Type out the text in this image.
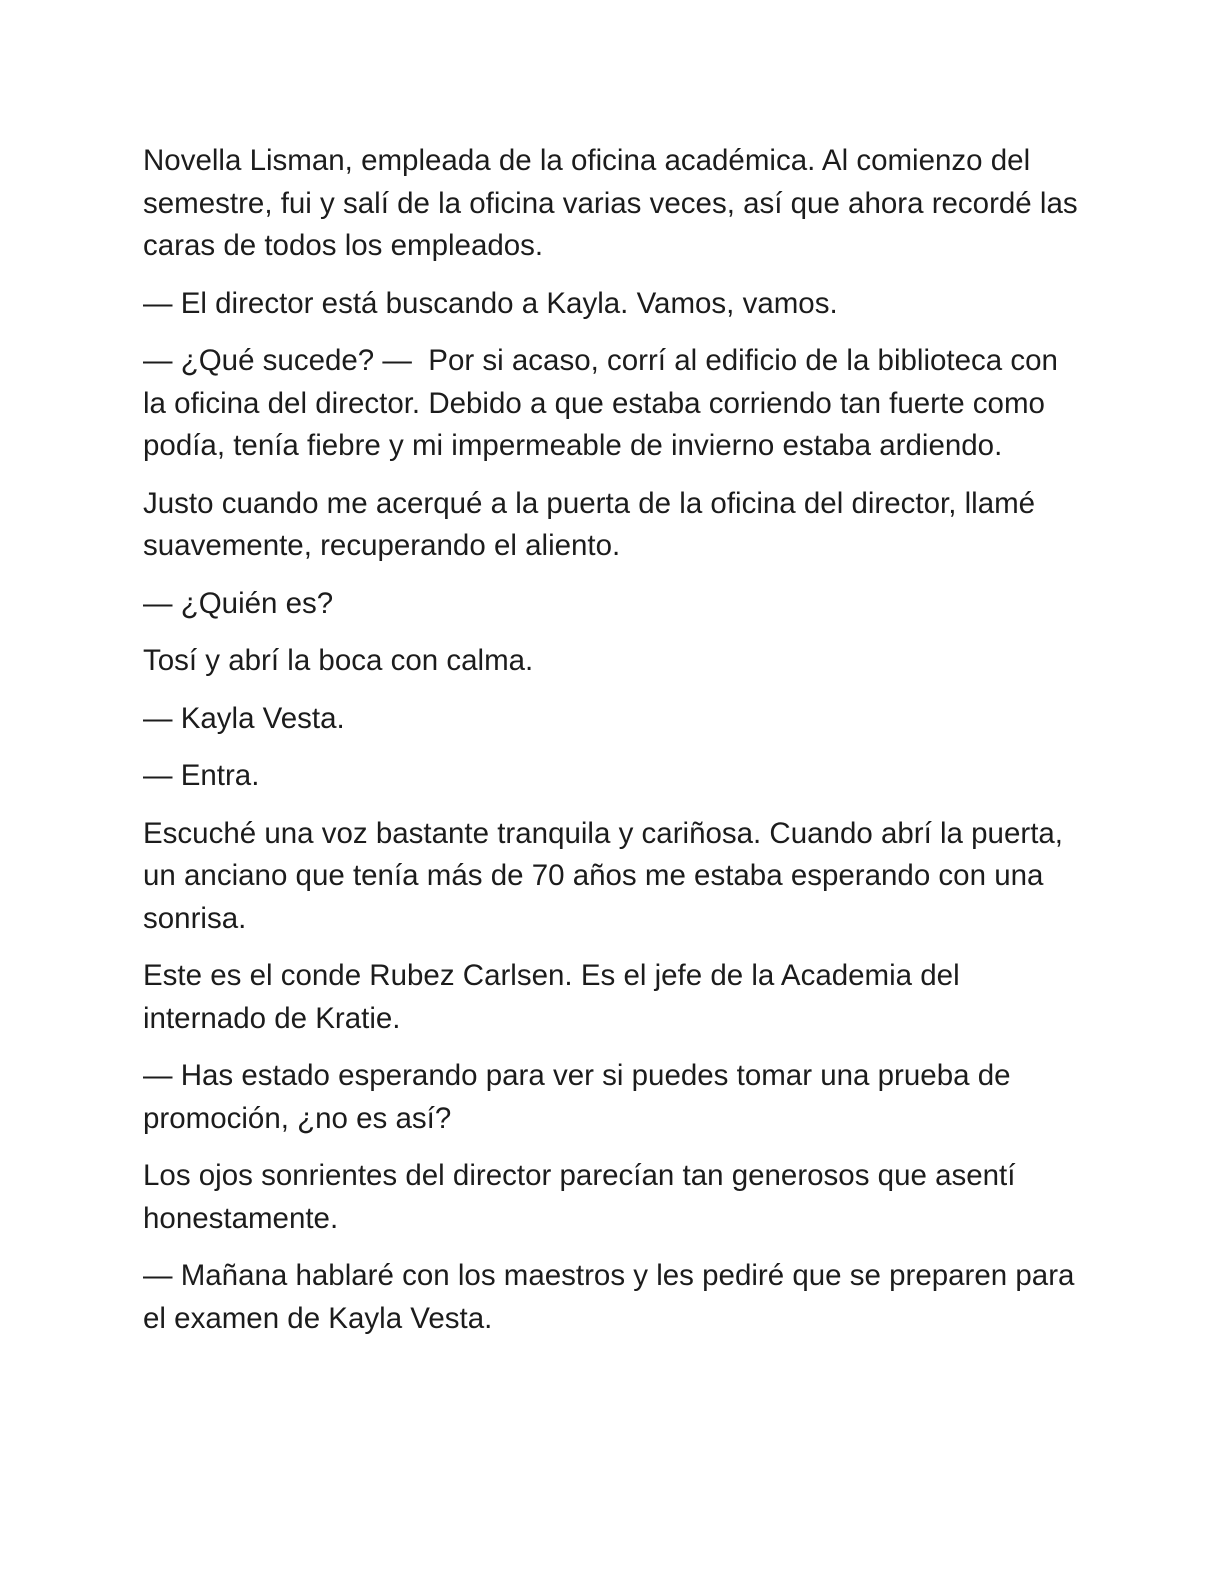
Novella Lisman, empleada de la oficina académica. Al comienzo del semestre, fui y salí de la oficina varias veces, así que ahora recordé las caras de todos los empleados.

— El director está buscando a Kayla. Vamos, vamos.

— ¿Qué sucede? —  Por si acaso, corrí al edificio de la biblioteca con la oficina del director. Debido a que estaba corriendo tan fuerte como podía, tenía fiebre y mi impermeable de invierno estaba ardiendo.

Justo cuando me acerqué a la puerta de la oficina del director, llamé suavemente, recuperando el aliento.

— ¿Quién es?

Tosí y abrí la boca con calma.

— Kayla Vesta.

— Entra.

Escuché una voz bastante tranquila y cariñosa. Cuando abrí la puerta, un anciano que tenía más de 70 años me estaba esperando con una sonrisa.

Este es el conde Rubez Carlsen. Es el jefe de la Academia del internado de Kratie.

— Has estado esperando para ver si puedes tomar una prueba de promoción, ¿no es así?

Los ojos sonrientes del director parecían tan generosos que asentí honestamente.

— Mañana hablaré con los maestros y les pediré que se preparen para el examen de Kayla Vesta.
